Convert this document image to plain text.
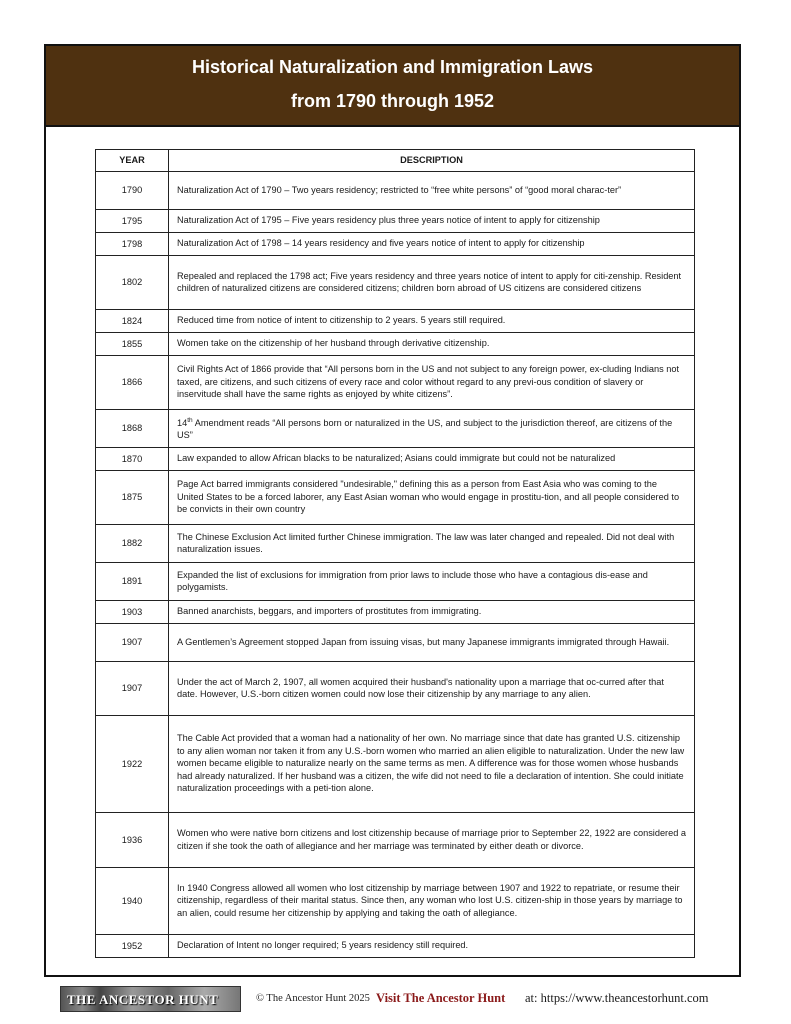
Historical Naturalization and Immigration Laws
from 1790 through 1952
YEAR	DESCRIPTION
1790	Naturalization Act of 1790 – Two years residency; restricted to “free white persons” of “good moral charac-ter”
1795	Naturalization Act of 1795 – Five years residency plus three years notice of intent to apply for citizenship
1798	Naturalization Act of 1798 – 14 years residency and five years notice of intent to apply for citizenship
1802	Repealed and replaced the 1798 act; Five years residency and three years notice of intent to apply for citi-zenship. Resident children of naturalized citizens are considered citizens; children born abroad of US citizens are considered citizens
1824	Reduced time from notice of intent to citizenship to 2 years. 5 years still required.
1855	Women take on the citizenship of her husband through derivative citizenship.
1866	Civil Rights Act of 1866 provide that “All persons born in the US and not subject to any foreign power, ex-cluding Indians not taxed, are citizens, and such citizens of every race and color without regard to any previ-ous condition of slavery or inservitude shall have the same rights as enjoyed by white citizens”.
1868	14th Amendment reads “All persons born or naturalized in the US, and subject to the jurisdiction thereof, are citizens of the US”
1870	Law expanded to allow African blacks to be naturalized; Asians could immigrate but could not be naturalized
1875	Page Act barred immigrants considered "undesirable," defining this as a person from East Asia who was coming to the United States to be a forced laborer, any East Asian woman who would engage in prostitu-tion, and all people considered to be convicts in their own country
1882	The Chinese Exclusion Act limited further Chinese immigration. The law was later changed and repealed. Did not deal with naturalization issues.
1891	Expanded the list of exclusions for immigration from prior laws to include those who have a contagious dis-ease and polygamists.
1903	Banned anarchists, beggars, and importers of prostitutes from immigrating.
1907	A Gentlemen’s Agreement stopped Japan from issuing visas, but many Japanese immigrants immigrated through Hawaii.
1907	Under the act of March 2, 1907, all women acquired their husband's nationality upon a marriage that oc-curred after that date. However, U.S.-born citizen women could now lose their citizenship by any marriage to any alien.
1922	The Cable Act provided that a woman had a nationality of her own. No marriage since that date has granted U.S. citizenship to any alien woman nor taken it from any U.S.-born women who married an alien eligible to naturalization. Under the new law women became eligible to naturalize nearly on the same terms as men. A difference was for those women whose husbands had already naturalized. If her husband was a citizen, the wife did not need to file a declaration of intention. She could initiate naturalization proceedings with a peti-tion alone.
1936	Women who were native born citizens and lost citizenship because of marriage prior to September 22, 1922 are considered a citizen if she took the oath of allegiance and her marriage was terminated by either death or divorce.
1940	In 1940 Congress allowed all women who lost citizenship by marriage between 1907 and 1922 to repatriate, or resume their citizenship, regardless of their marital status. Since then, any woman who lost U.S. citizen-ship in those years by marriage to an alien, could resume her citizenship by applying and taking the oath of allegiance.
1952	Declaration of Intent no longer required; 5 years residency still required.
THE ANCESTOR HUNT	© The Ancestor Hunt 2025 Visit The Ancestor Hunt at: https://www.theancestorhunt.com
